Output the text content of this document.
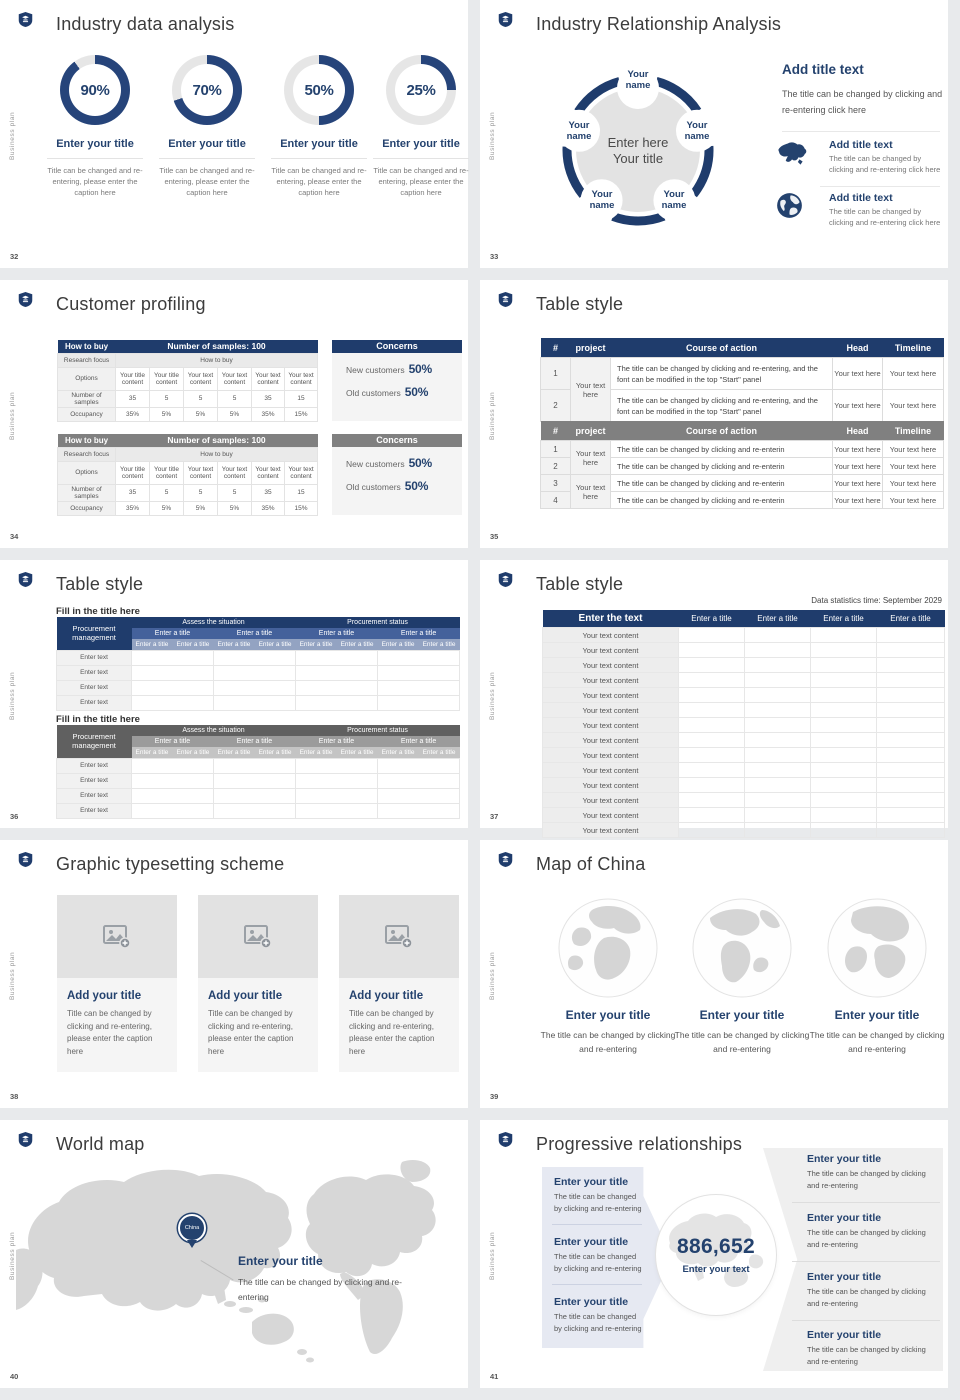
Business plan
Industry data analysis
90%
Enter your title
Title can be changed and re-entering, please enter the caption here
70%
Enter your title
Title can be changed and re-entering, please enter the caption here
50%
Enter your title
Title can be changed and re-entering, please enter the caption here
25%
Enter your title
Title can be changed and re-entering, please enter the caption here
32
Business plan
Industry Relationship Analysis
Your name
Your name
Your name
Your name
Your name
Enter here
Your title
Add title text
The title can be changed by clicking and re-entering click here
Add title text
The title can be changed by clicking and re-entering click here
Add title text
The title can be changed by clicking and re-entering click here
33
Business plan
Customer profiling
How to buy	Number of samples: 100					
Research focus	How to buy					
Options	Your title content	Your title content	Your text content	Your text content	Your text content	Your text content
Number of samples	35	5	5	5	35	15
Occupancy	35%	5%	5%	5%	35%	15%
Concerns
New customers 50%
Old customers 50%
How to buy	Number of samples: 100					
Research focus	How to buy					
Options	Your title content	Your title content	Your text content	Your text content	Your text content	Your text content
Number of samples	35	5	5	5	35	15
Occupancy	35%	5%	5%	5%	35%	15%
Concerns
New customers 50%
Old customers 50%
34
Business plan
Table style
#	project	Course of action	Head	Timeline
1	Your text here	The title can be changed by clicking and re-entering, and the font can be modified in the top "Start" panel	Your text here	Your text here
2		The title can be changed by clicking and re-entering, and the font can be modified in the top "Start" panel	Your text here	Your text here
#	project	Course of action	Head	Timeline
1	Your text here	The title can be changed by clicking and re-enterin	Your text here	Your text here
2		The title can be changed by clicking and re-enterin	Your text here	Your text here
3	Your text here	The title can be changed by clicking and re-enterin	Your text here	Your text here
4		The title can be changed by clicking and re-enterin	Your text here	Your text here
35
Business plan
Table style
Fill in the title here
Procurement management	Assess the situation				Procurement status			
	Enter a title		Enter a title		Enter a title		Enter a title	
	Enter a title	Enter a title	Enter a title	Enter a title	Enter a title	Enter a title	Enter a title	Enter a title
Enter text								
Enter text								
Enter text								
Enter text								
Fill in the title here
Procurement management	Assess the situation				Procurement status			
	Enter a title		Enter a title		Enter a title		Enter a title	
	Enter a title	Enter a title	Enter a title	Enter a title	Enter a title	Enter a title	Enter a title	Enter a title
Enter text								
Enter text								
Enter text								
Enter text								
36
Business plan
Table style
Data statistics time: September 2029
Enter the text	Enter a title	Enter a title	Enter a title	Enter a title
Your text content				
Your text content				
Your text content				
Your text content				
Your text content				
Your text content				
Your text content				
Your text content				
Your text content				
Your text content				
Your text content				
Your text content				
Your text content				
Your text content				
37
Business plan
Graphic typesetting scheme
Add your title
Title can be changed by clicking and re-entering, please enter the caption here
Add your title
Title can be changed by clicking and re-entering, please enter the caption here
Add your title
Title can be changed by clicking and re-entering, please enter the caption here
38
Business plan
Map of China
Enter your title	Enter your title	Enter your title
The title can be changed by clicking and re-entering
The title can be changed by clicking and re-entering
The title can be changed by clicking and re-entering
39
Business plan
World map
China
Enter your title
The title can be changed by clicking and re-entering
40
Business plan
Progressive relationships
Enter your title
The title can be changed by clicking and re-entering
Enter your title
The title can be changed by clicking and re-entering
Enter your title
The title can be changed by clicking and re-entering
Enter your title
The title can be changed by clicking and re-entering
Enter your title
The title can be changed by clicking and re-entering
Enter your title
The title can be changed by clicking and re-entering
Enter your title
The title can be changed by clicking and re-entering
886,652
Enter your text
41
